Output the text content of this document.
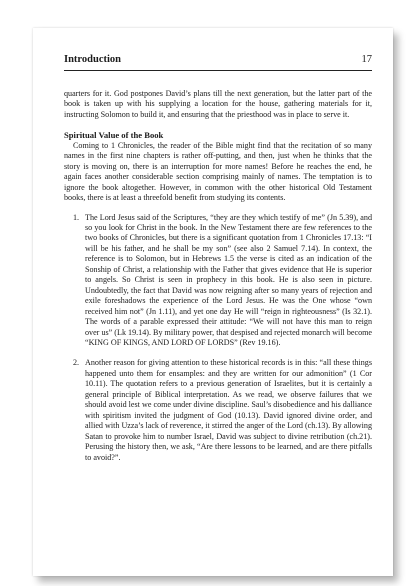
Introduction	17

quarters for it. God postpones David’s plans till the next generation, but the latter part of the book is taken up with his supplying a location for the house, gathering materials for it, instructing Solomon to build it, and ensuring that the priesthood was in place to serve it.

Spiritual Value of the Book

Coming to 1 Chronicles, the reader of the Bible might find that the recitation of so many names in the first nine chapters is rather off-putting, and then, just when he thinks that the story is moving on, there is an interruption for more names! Before he reaches the end, he again faces another considerable section comprising mainly of names. The temptation is to ignore the book altogether. However, in common with the other historical Old Testament books, there is at least a threefold benefit from studying its contents.

1. The Lord Jesus said of the Scriptures, “they are they which testify of me” (Jn 5.39), and so you look for Christ in the book. In the New Testament there are few references to the two books of Chronicles, but there is a significant quotation from 1 Chronicles 17.13: “I will be his father, and he shall be my son” (see also 2 Samuel 7.14). In context, the reference is to Solomon, but in Hebrews 1.5 the verse is cited as an indication of the Sonship of Christ, a relationship with the Father that gives evidence that He is superior to angels. So Christ is seen in prophecy in this book. He is also seen in picture. Undoubtedly, the fact that David was now reigning after so many years of rejection and exile foreshadows the experience of the Lord Jesus. He was the One whose “own received him not” (Jn 1.11), and yet one day He will “reign in righteousness” (Is 32.1). The words of a parable expressed their attitude: “We will not have this man to reign over us” (Lk 19.14). By military power, that despised and rejected monarch will become “KING OF KINGS, AND LORD OF LORDS” (Rev 19.16).
2. Another reason for giving attention to these historical records is in this: “all these things happened unto them for ensamples: and they are written for our admonition” (1 Cor 10.11). The quotation refers to a previous generation of Israelites, but it is certainly a general principle of Biblical interpretation. As we read, we observe failures that we should avoid lest we come under divine discipline. Saul’s disobedience and his dalliance with spiritism invited the judgment of God (10.13). David ignored divine order, and allied with Uzza’s lack of reverence, it stirred the anger of the Lord (ch.13). By allowing Satan to provoke him to number Israel, David was subject to divine retribution (ch.21). Perusing the history then, we ask, “Are there lessons to be learned, and are there pitfalls to avoid?”.
